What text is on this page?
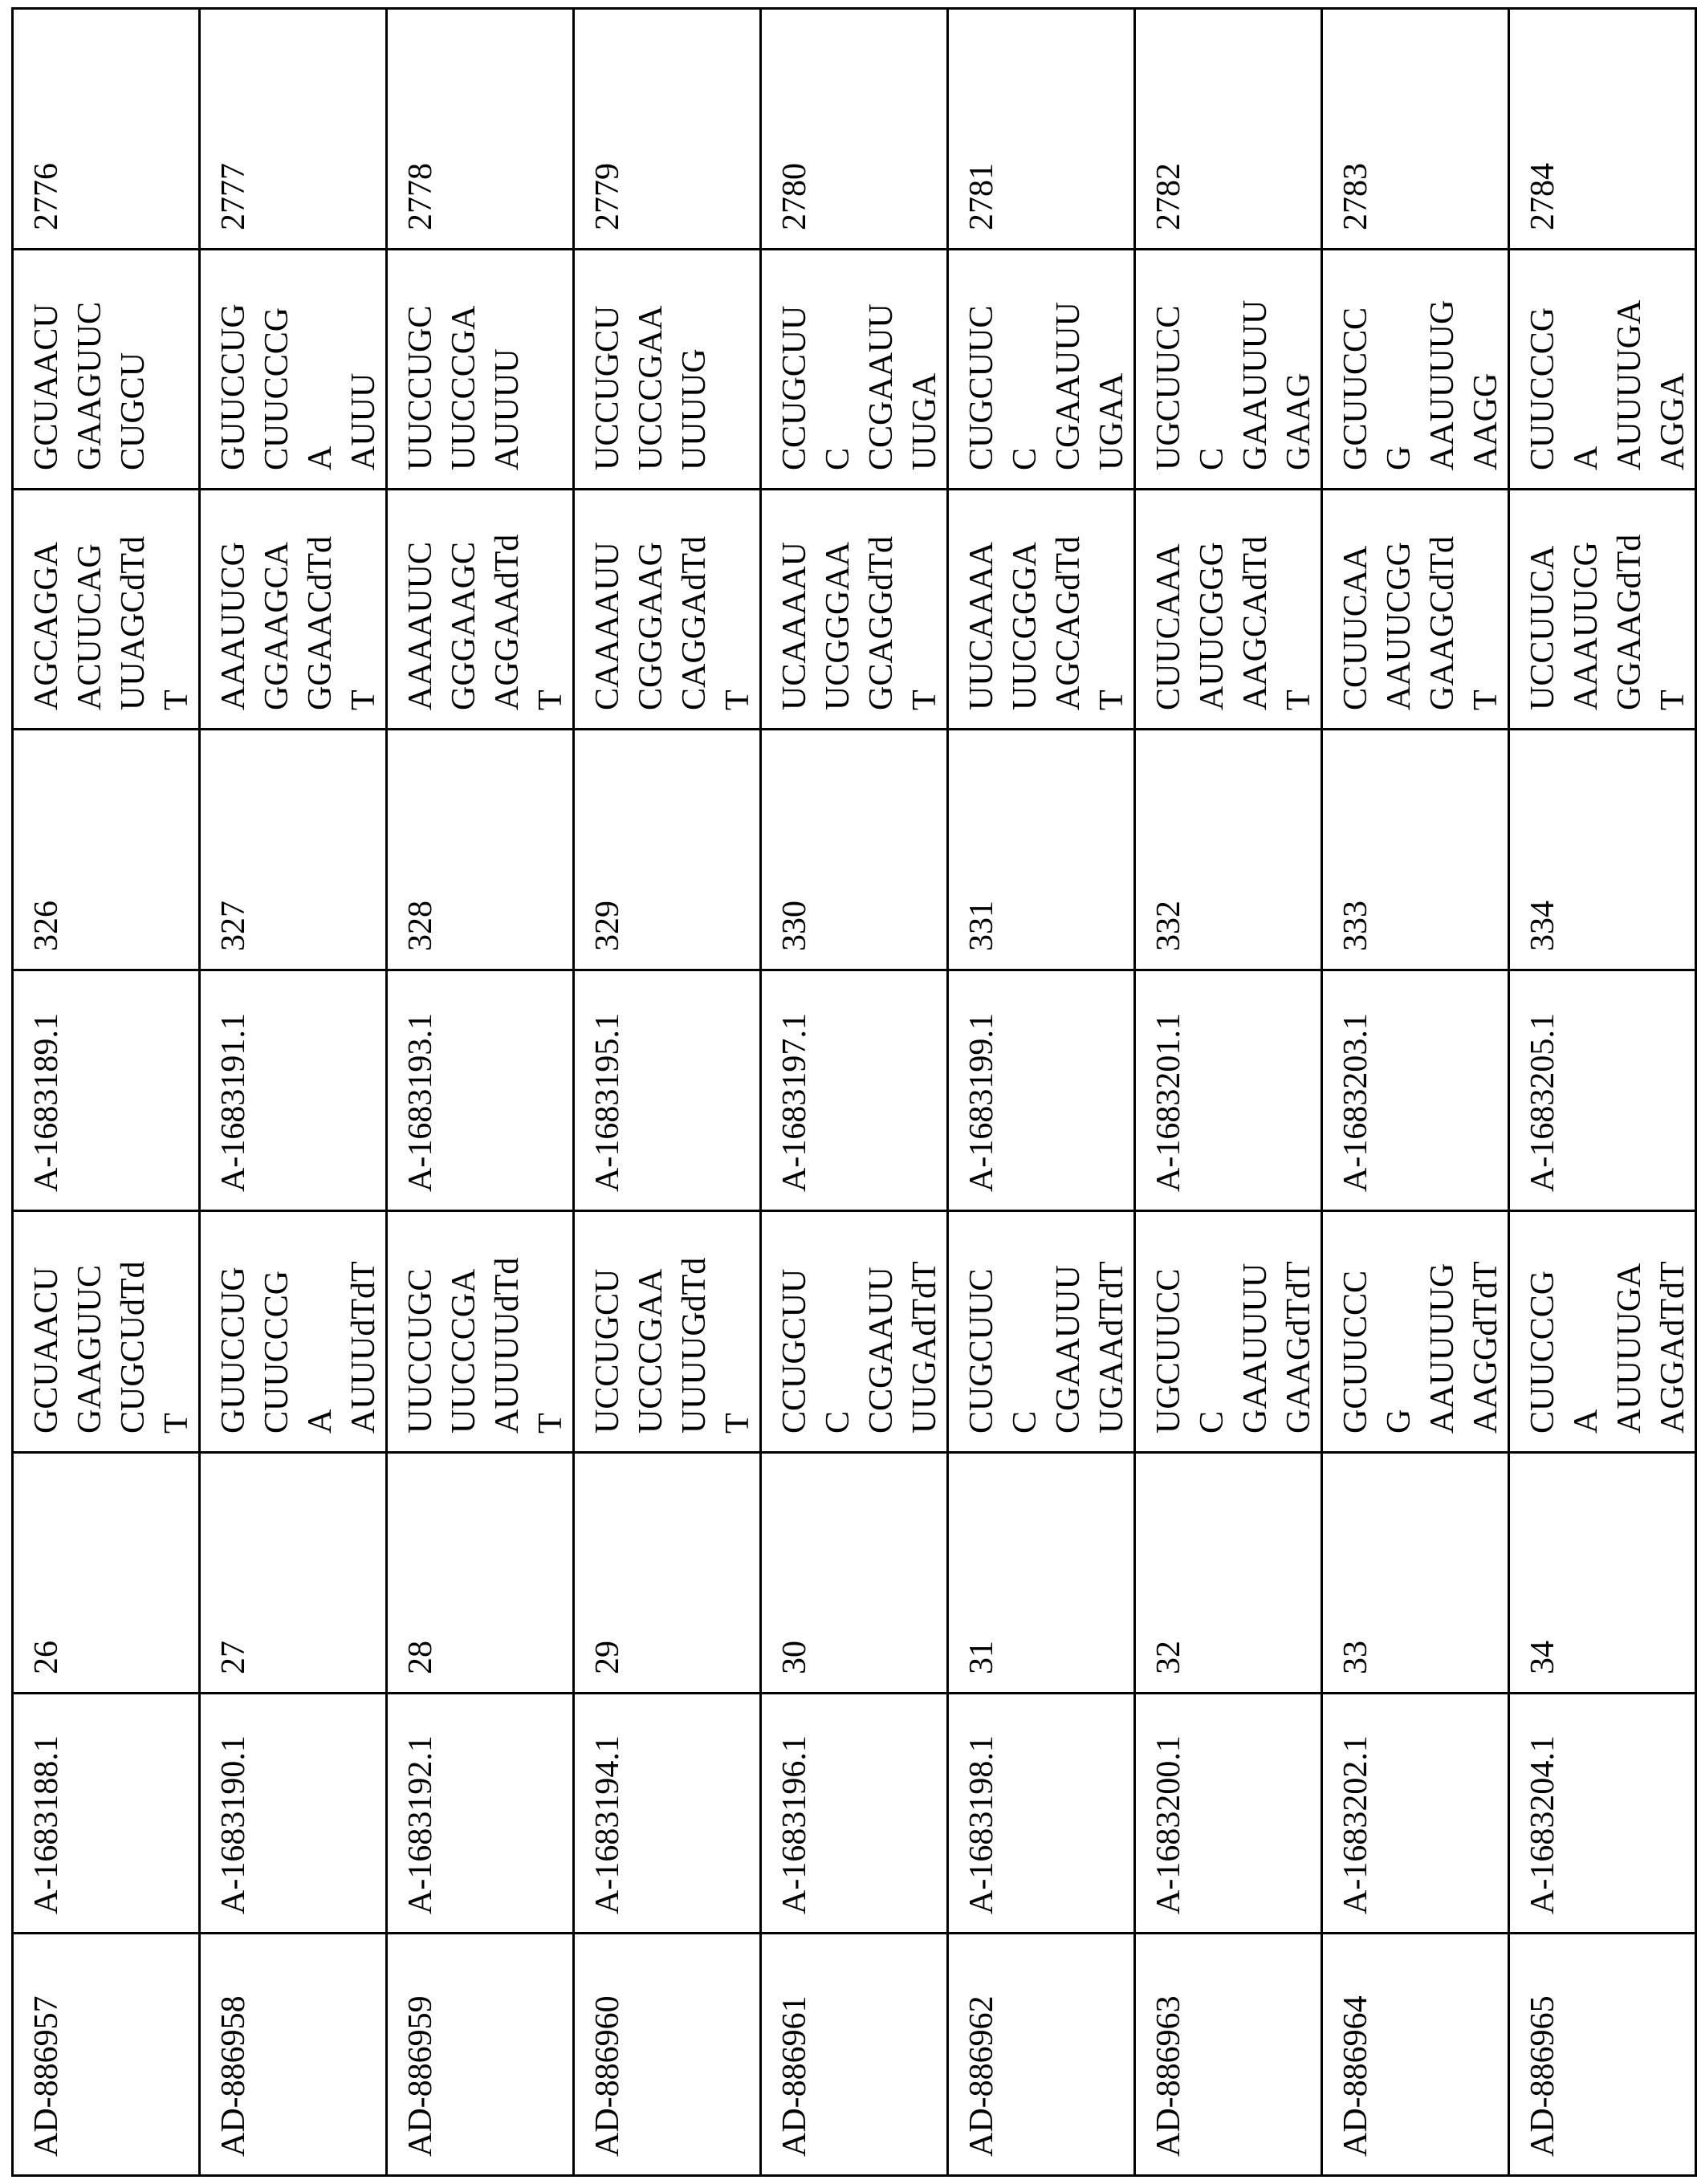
AD-886957	A-1683188.1	26	
GCUAACU GAAGUUC CUGCUdTd T
	A-1683189.1	326	
AGCAGGA ACUUCAG UUAGCdTd T

GCUAACU GAAGUUC CUGCU
	2776
AD-886958	A-1683190.1	27	
GUUCCUG CUUCCCGA AUUUdTdT
	A-1683191.1	327	
AAAUUCG GGAAGCA GGAACdTd T

GUUCCUG CUUCCCGA AUUU
	2777
AD-886959	A-1683192.1	28	
UUCCUGC UUCCCGA AUUUUdTd T
	A-1683193.1	328	
AAAAUUC GGGAAGC AGGAAdTd T

UUCCUGC UUCCCGA AUUUU
	2778
AD-886960	A-1683194.1	29	
UCCUGCU UCCCGAA UUUUGdTd T
	A-1683195.1	329	
CAAAAUU CGGGAAG CAGGAdTd T

UCCUGCU UCCCGAA UUUUG
	2779
AD-886961	A-1683196.1	30	
CCUGCUUC CCGAAUU UUGAdTdT
	A-1683197.1	330	
UCAAAAU UCGGGAA GCAGGdTd T

CCUGCUUC CCGAAUU UUGA
	2780
AD-886962	A-1683198.1	31	
CUGCUUCC CGAAUUU UGAAdTdT
	A-1683199.1	331	
UUCAAAA UUCGGGA AGCAGdTd T

CUGCUUCC CGAAUUU UGAA
	2781
AD-886963	A-1683200.1	32	
UGCUUCCC GAAUUUU GAAGdTdT
	A-1683201.1	332	
CUUCAAA AUUCGGG AAGCAdTd T

UGCUUCCC GAAUUUU GAAG
	2782
AD-886964	A-1683202.1	33	
GCUUCCCG AAUUUUG AAGGdTdT
	A-1683203.1	333	
CCUUCAA AAUUCGG GAAGCdTd T

GCUUCCCG AAUUUUG AAGG
	2783
AD-886965	A-1683204.1	34	
CUUCCCGA AUUUUGA AGGAdTdT
	A-1683205.1	334	
UCCUUCA AAAUUCG GGAAGdTd T

CUUCCCGA AUUUUGA AGGA
	2784
